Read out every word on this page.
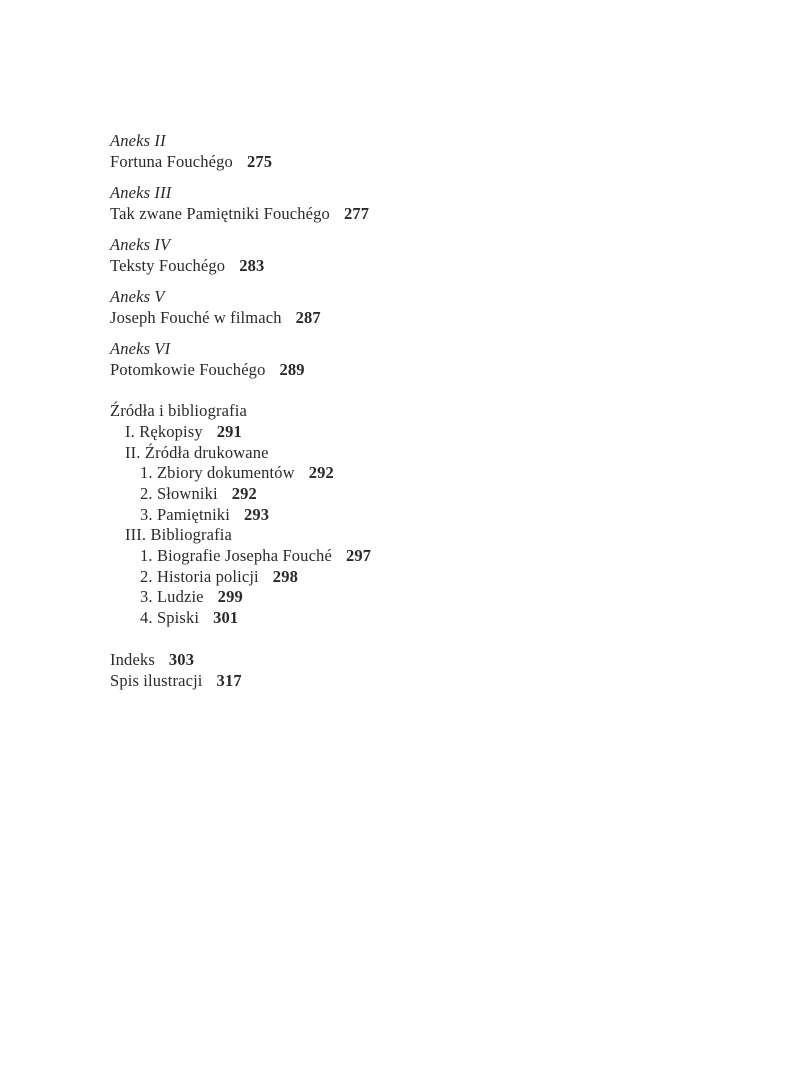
Aneks II
Fortuna Fouchégo 275
Aneks III
Tak zwane Pamiętniki Fouchégo 277
Aneks IV
Teksty Fouchégo 283
Aneks V
Joseph Fouché w filmach 287
Aneks VI
Potomkowie Fouchégo 289
Źródła i bibliografia
I. Rękopisy 291
II. Źródła drukowane
1. Zbiory dokumentów 292
2. Słowniki 292
3. Pamiętniki 293
III. Bibliografia
1. Biografie Josepha Fouché 297
2. Historia policji 298
3. Ludzie 299
4. Spiski 301
Indeks 303
Spis ilustracji 317
